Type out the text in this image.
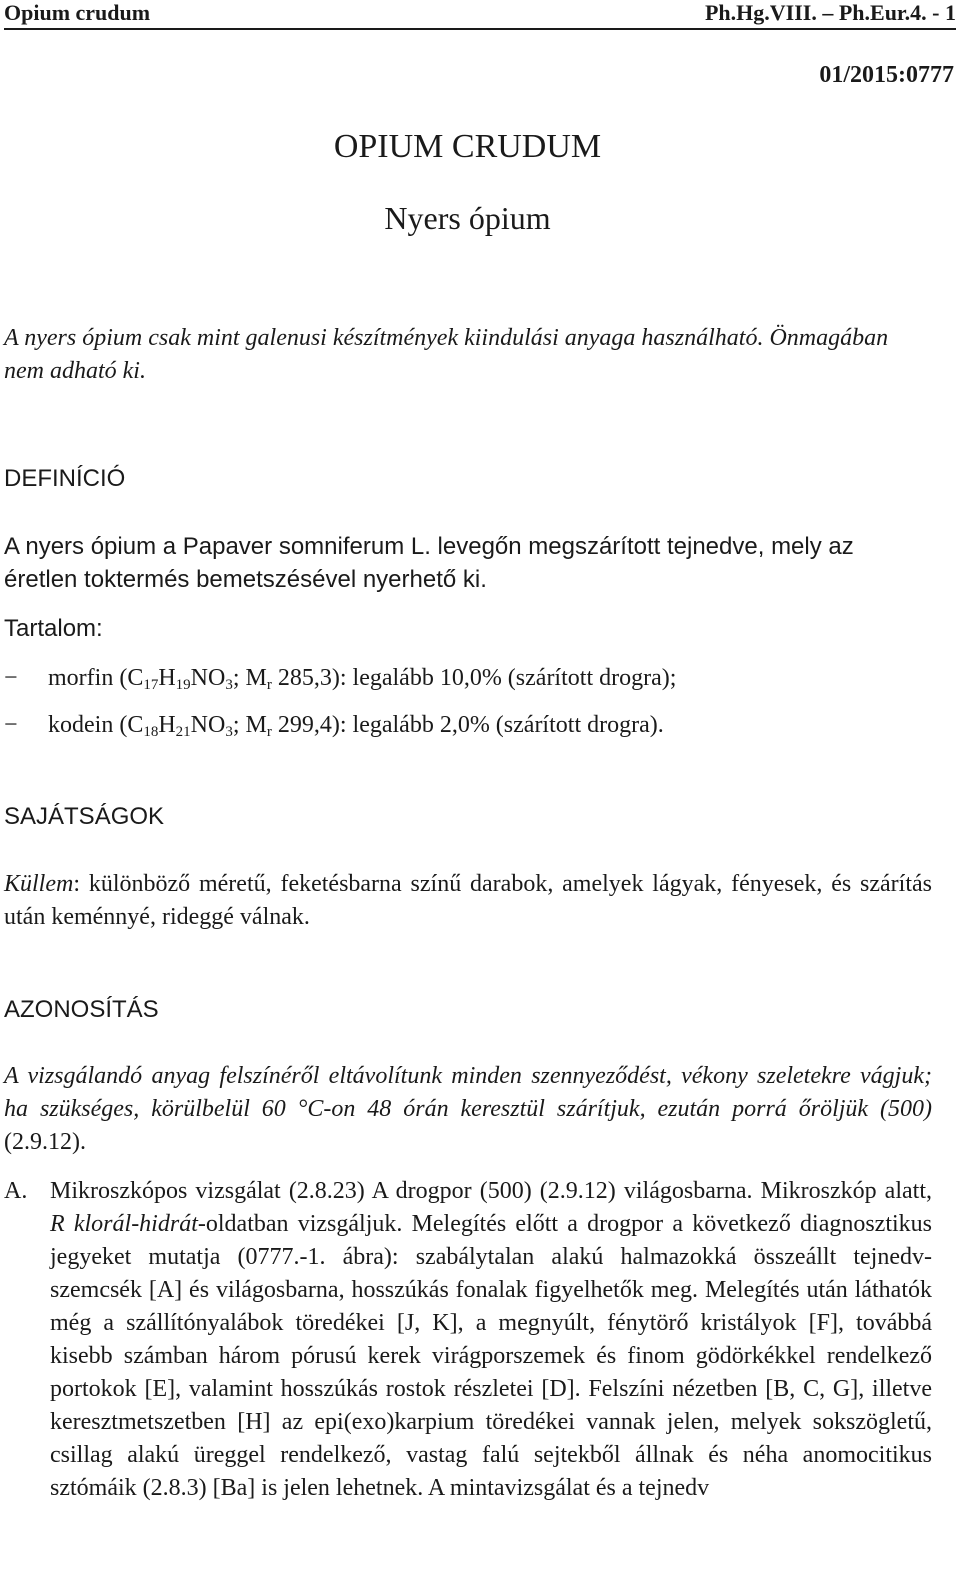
Opium crudum	Ph.Hg.VIII. – Ph.Eur.4. - 1
01/2015:0777
OPIUM CRUDUM
Nyers ópium
A nyers ópium csak mint galenusi készítmények kiindulási anyaga használható. Önmagában nem adható ki.
DEFINÍCIÓ
A nyers ópium a Papaver somniferum L. levegőn megszárított tejnedve, mely az éretlen toktermés bemetszésével nyerhető ki.
Tartalom:
− morfin ($C_{17}H_{19}NO_3$; $M_r$ 285,3): legalább 10,0% (szárított drogra);
− kodein ($C_{18}H_{21}NO_3$; $M_r$ 299,4): legalább 2,0% (szárított drogra).
SAJÁTSÁGOK
Küllem: különböző méretű, feketésbarna színű darabok, amelyek lágyak, fényesek, és szárítás után keménnyé, rideggé válnak.
AZONOSÍTÁS
A vizsgálandó anyag felszínéről eltávolítunk minden szennyeződést, vékony szeletekre vágjuk; ha szükséges, körülbelül 60 °C-on 48 órán keresztül szárítjuk, ezután porrá őröljük (500) (2.9.12).
A. Mikroszkópos vizsgálat (2.8.23) A drogpor (500) (2.9.12) világosbarna. Mikroszkóp alatt, R klorál-hidrát-oldatban vizsgáljuk. Melegítés előtt a drogpor a következő diagnosztikus jegyeket mutatja (0777.-1. ábra): szabálytalan alakú halmazokká összeállt tejnedv-szemcsék [A] és világosbarna, hosszúkás fonalak figyelhetők meg. Melegítés után láthatók még a szállítónyalábok töredékei [J, K], a megnyúlt, fénytörő kristályok [F], továbbá kisebb számban három pórusú kerek virágporszemek és finom gödörkékkel rendelkező portokok [E], valamint hosszúkás rostok részletei [D]. Felszíni nézetben [B, C, G], illetve keresztmetszetben [H] az epi(exo)karpium töredékei vannak jelen, melyek sokszögletű, csillag alakú üreggel rendelkező, vastag falú sejtekből állnak és néha anomocitikus sztómáik (2.8.3) [Ba] is jelen lehetnek. A mintavizsgálat és a tejnedv
